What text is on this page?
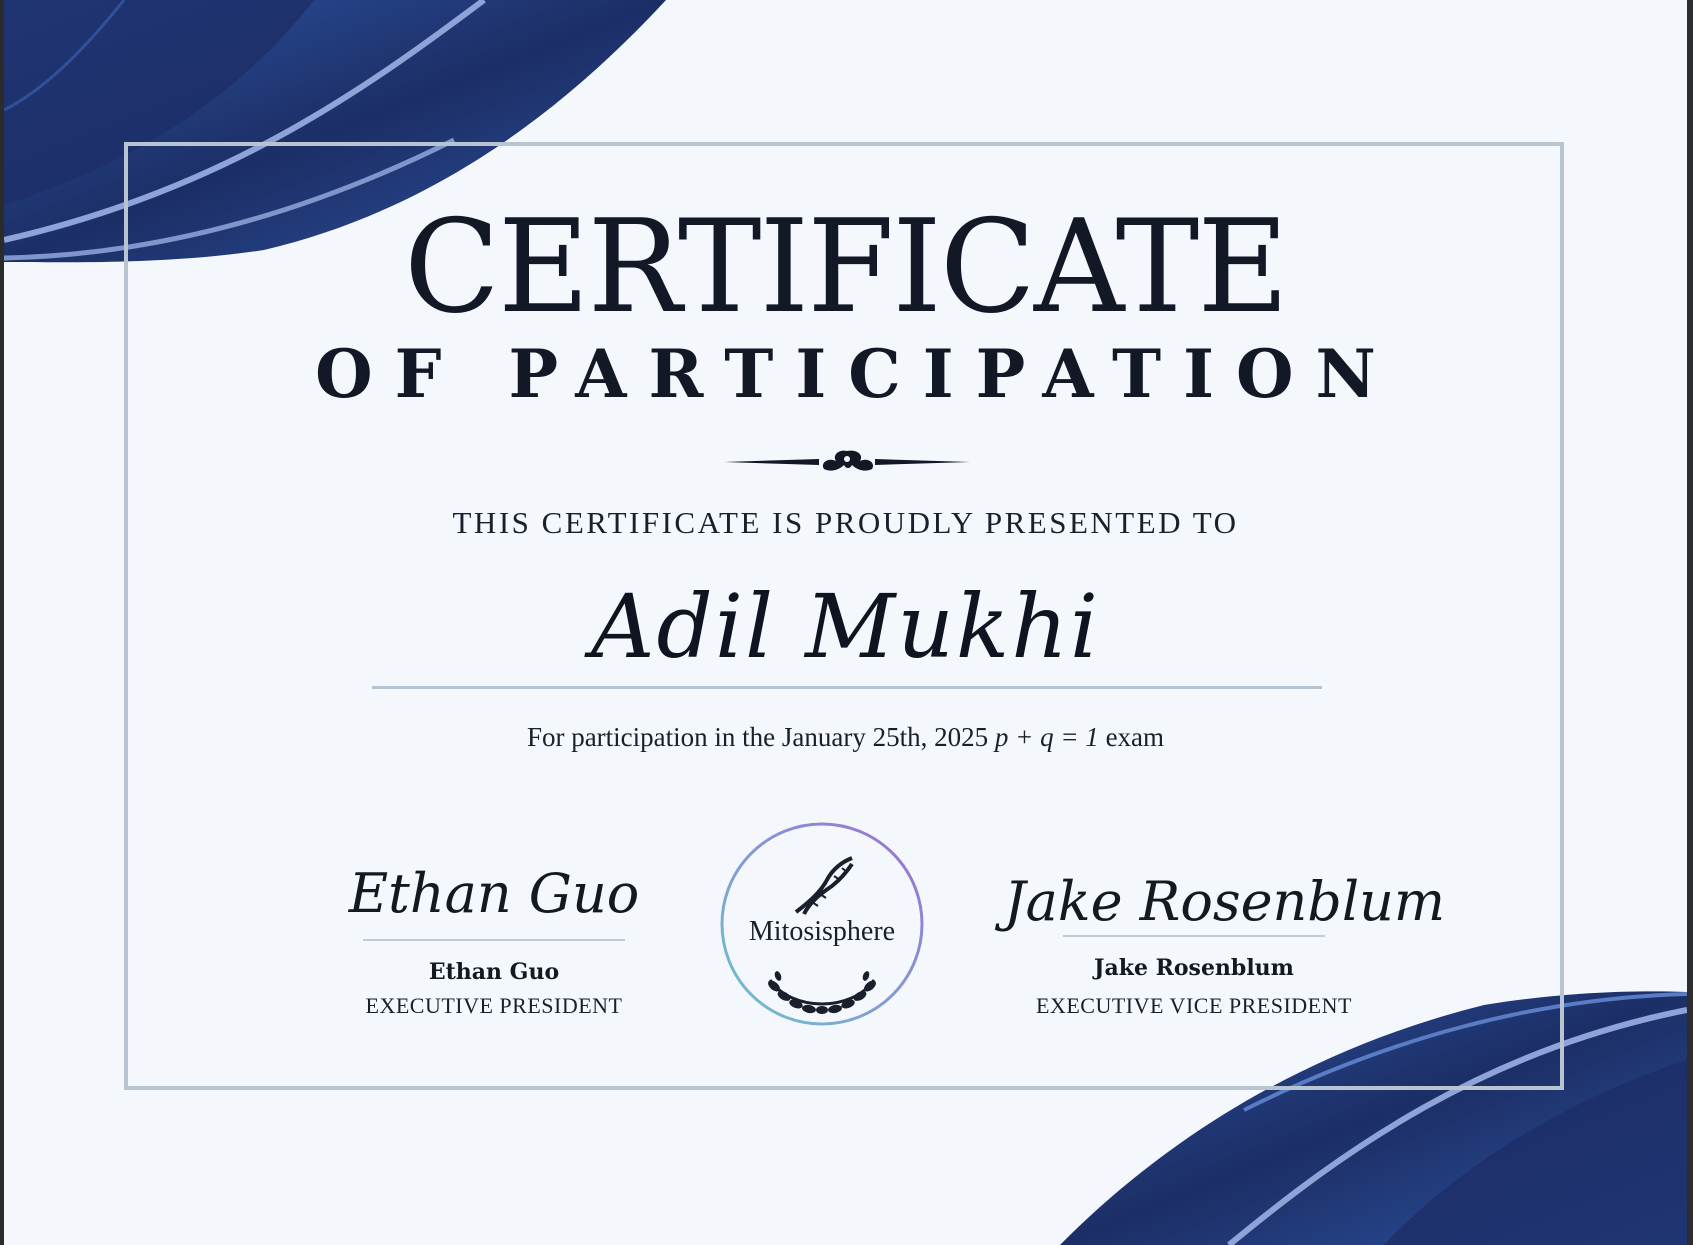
CERTIFICATE
OF PARTICIPATION
THIS CERTIFICATE IS PROUDLY PRESENTED TO
Adil Mukhi
For participation in the January 25th, 2025 p + q = 1 exam
Ethan Guo
Ethan Guo
EXECUTIVE PRESIDENT
Jake Rosenblum
Jake Rosenblum
EXECUTIVE VICE PRESIDENT
Mitosisphere
